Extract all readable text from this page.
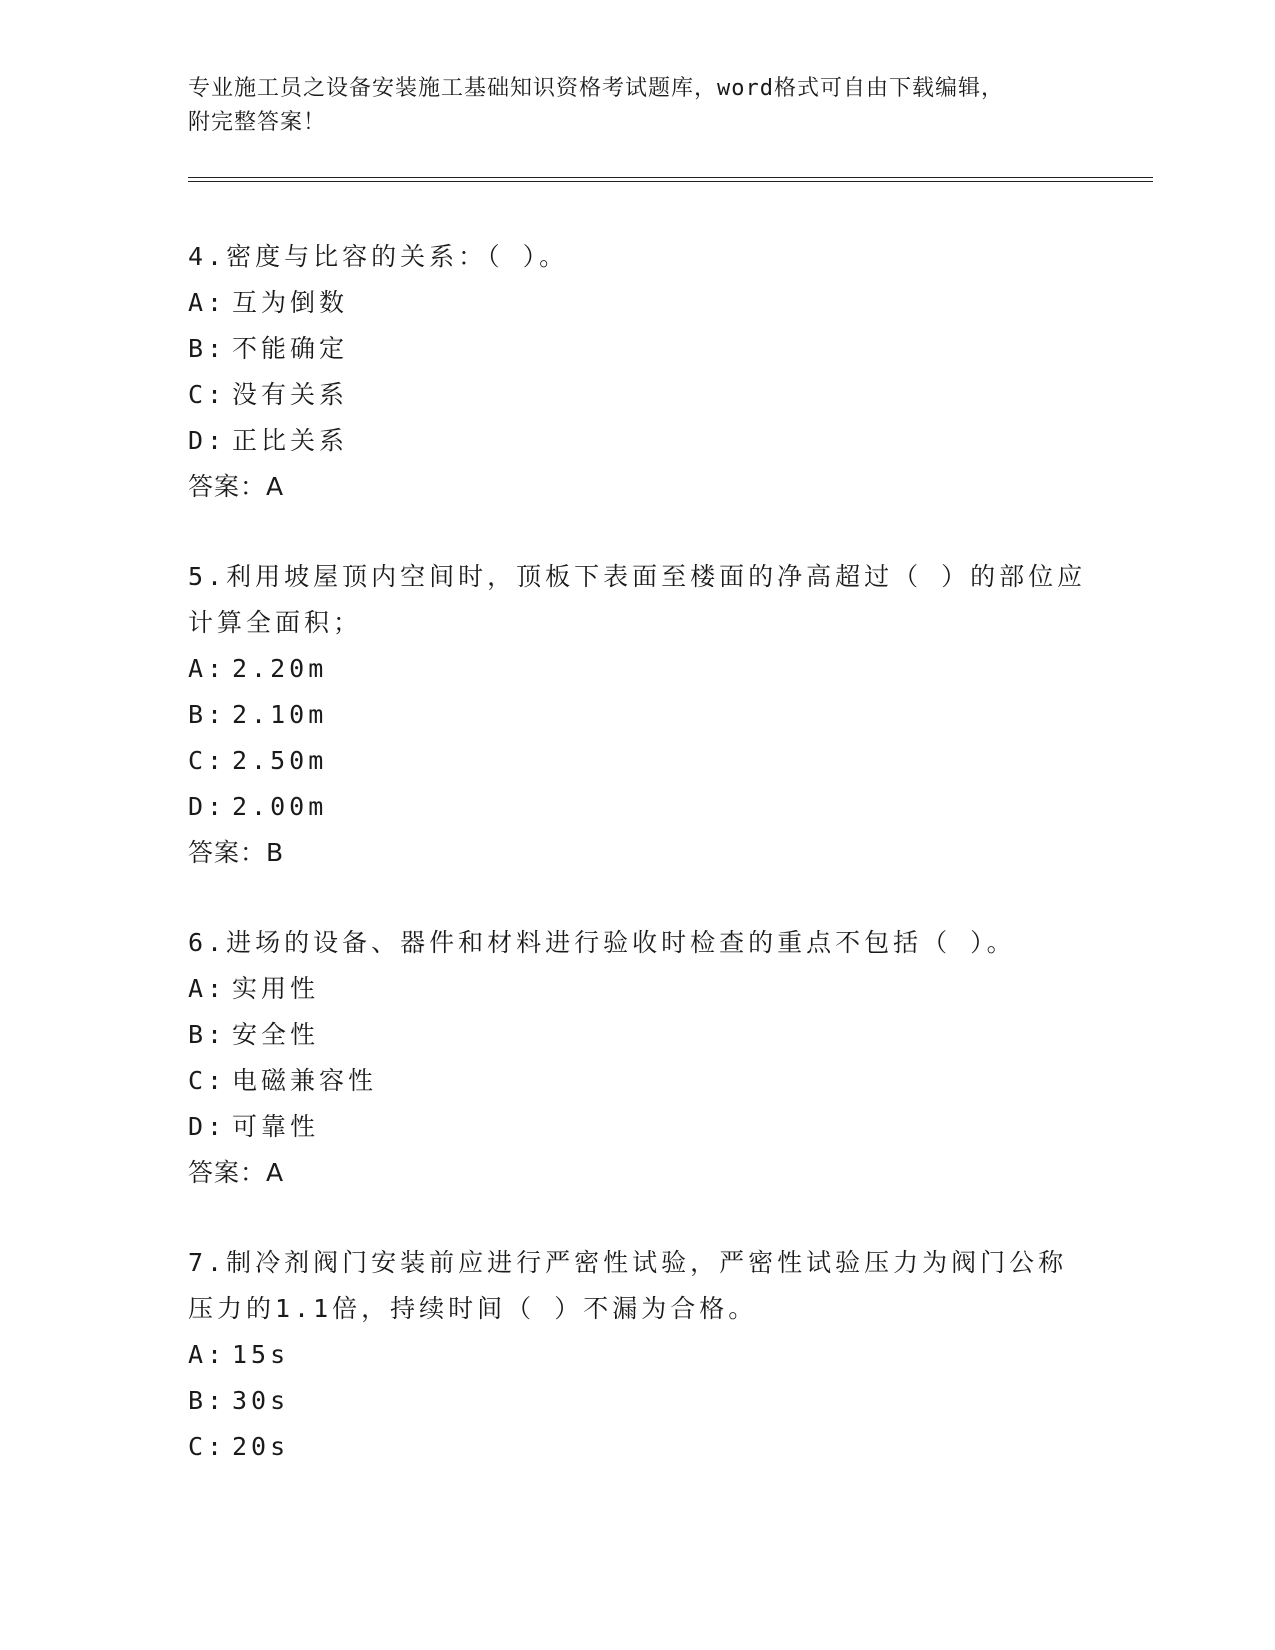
专业施工员之设备安装施工基础知识资格考试题库，word格式可自由下载编辑，
附完整答案！
4.密度与比容的关系：（ ）。
A: 互为倒数
B: 不能确定
C: 没有关系
D: 正比关系
答案：A
5.利用坡屋顶内空间时，顶板下表面至楼面的净高超过（ ）的部位应
计算全面积；
A: 2.20m
B: 2.10m
C: 2.50m
D: 2.00m
答案：B
6.进场的设备、器件和材料进行验收时检查的重点不包括（ ）。
A: 实用性
B: 安全性
C: 电磁兼容性
D: 可靠性
答案：A
7.制冷剂阀门安装前应进行严密性试验，严密性试验压力为阀门公称
压力的1.1倍，持续时间（ ）不漏为合格。
A: 15s
B: 30s
C: 20s
